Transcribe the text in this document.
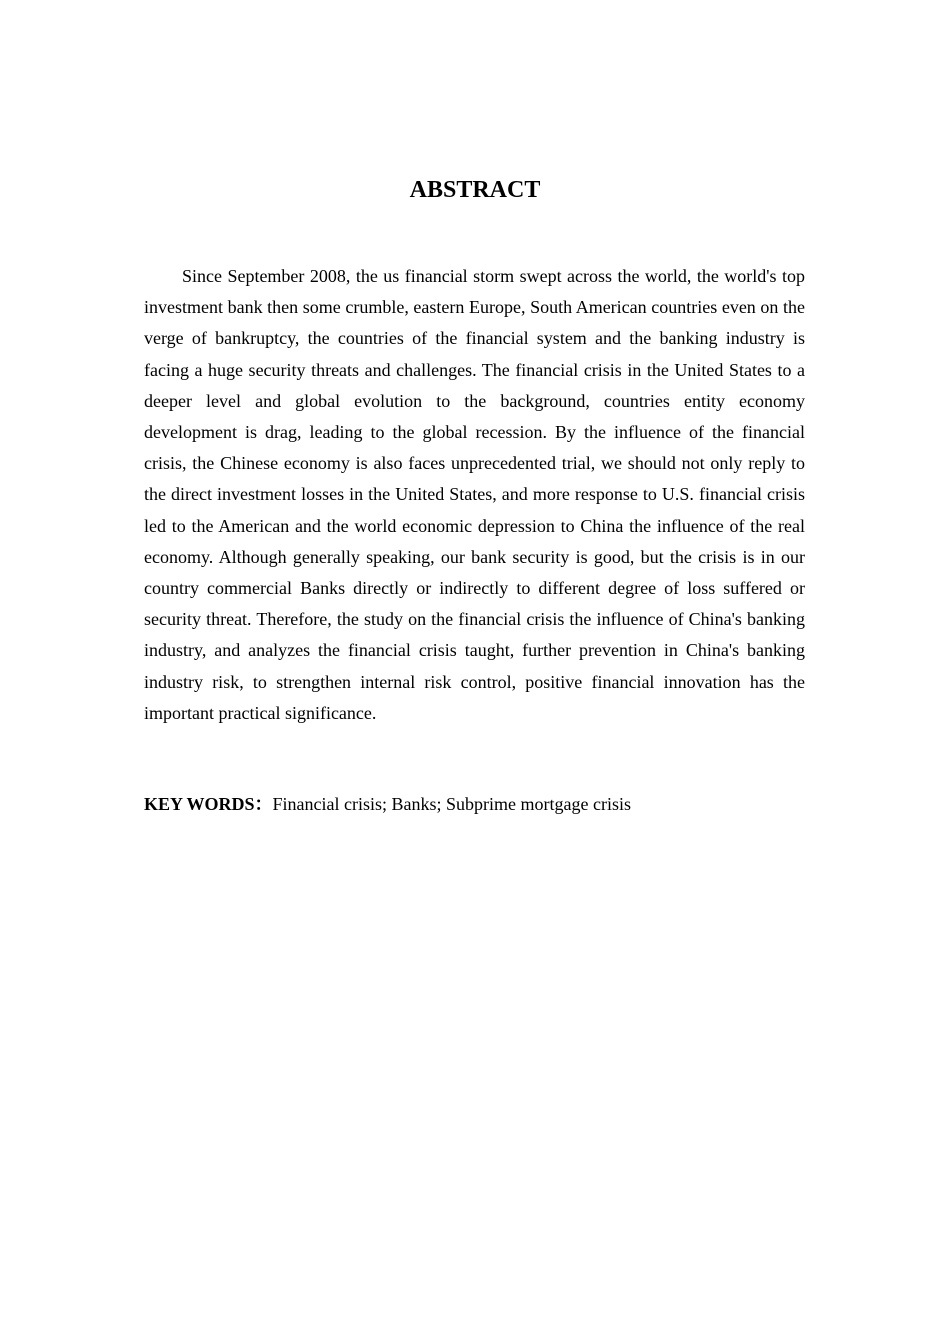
ABSTRACT

Since September 2008, the us financial storm swept across the world, the world's top investment bank then some crumble, eastern Europe, South American countries even on the verge of bankruptcy, the countries of the financial system and the banking industry is facing a huge security threats and challenges. The financial crisis in the United States to a deeper level and global evolution to the background, countries entity economy development is drag, leading to the global recession. By the influence of the financial crisis, the Chinese economy is also faces unprecedented trial, we should not only reply to the direct investment losses in the United States, and more response to U.S. financial crisis led to the American and the world economic depression to China the influence of the real economy. Although generally speaking, our bank security is good, but the crisis is in our country commercial Banks directly or indirectly to different degree of loss suffered or security threat. Therefore, the study on the financial crisis the influence of China's banking industry, and analyzes the financial crisis taught, further prevention in China's banking industry risk, to strengthen internal risk control, positive financial innovation has the important practical significance.

KEY WORDS：Financial crisis; Banks; Subprime mortgage crisis
